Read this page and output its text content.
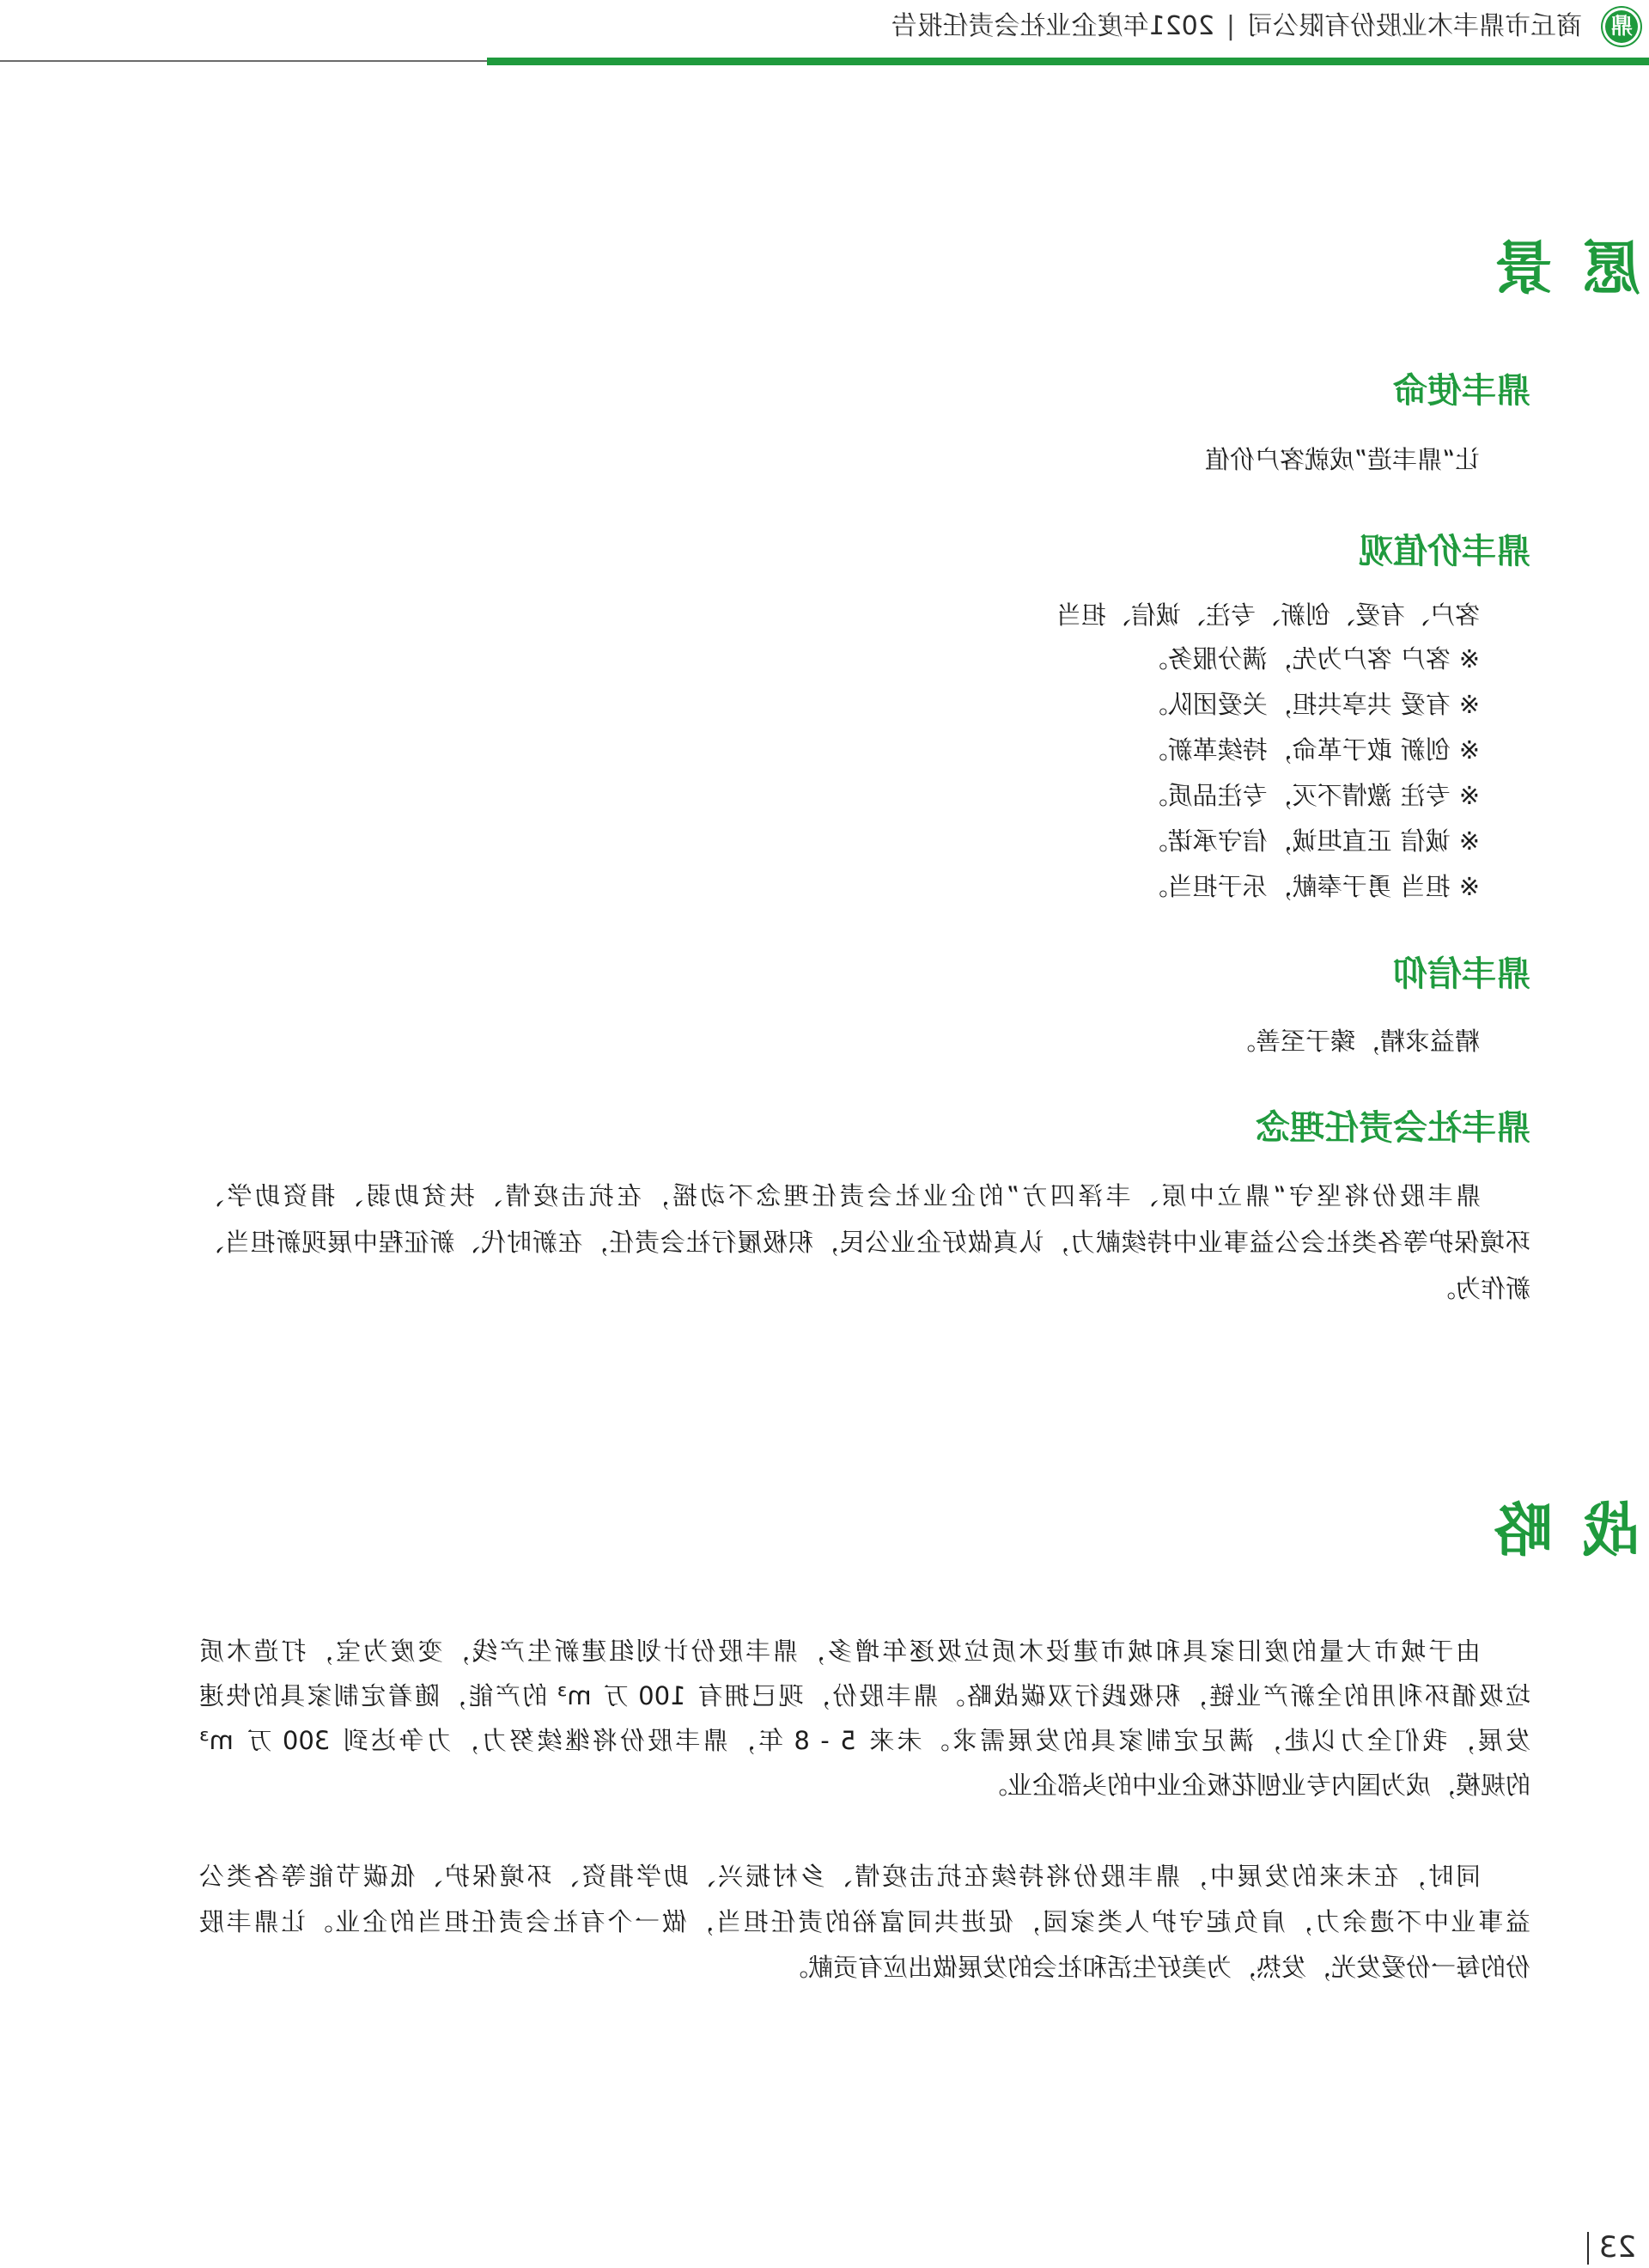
鼎
商丘市鼎丰木业股份有限公司|2021年度企业社会责任报告
愿景
鼎丰使命
让“鼎丰造”成就客户价值
鼎丰价值观
客户、有爱、创新、专注、诚信、担当
※客户客户为先，满分服务。
※有爱共享共担，关爱团队。
※创新敢于革命，持续革新。
※专注激情不灭，专注品质。
※诚信正直坦诚，信守承诺。
※担当勇于奉献，乐于担当。
鼎丰信仰
精益求精，臻于至善。
鼎丰社会责任理念
鼎丰股份将坚守“鼎立中原、丰泽四方”的企业社会责任理念不动摇，在抗击疫情、扶贫助弱、捐资助学、
环境保护等各类社会公益事业中持续献力，认真做好企业公民，积极履行社会责任，在新时代、新征程中展现新担当、
新作为。
战略
由于城市大量的废旧家具和城市建设木质垃圾逐年增多，鼎丰股份计划组建新生产线，变废为宝，打造木质
垃圾循环利用的全新产业链，积极践行双碳战略。鼎丰股份，现已拥有 100 万 m³ 的产能，随着定制家具的快速
发展，我们全力以赴，满足定制家具的发展需求。未来 5 - 8 年，鼎丰股份将继续努力，力争达到 300 万 m³
的规模，成为国内专业刨花板企业中的头部企业。
同时，在未来的发展中，鼎丰股份将持续在抗击疫情、乡村振兴、助学捐资、环境保护、低碳节能等各类公
益事业中不遗余力，肩负起守护人类家园，促进共同富裕的责任担当，做一个有社会责任担当的企业。让鼎丰股
份的每一份爱发光，发热，为美好生活和社会的发展做出应有贡献。
23
